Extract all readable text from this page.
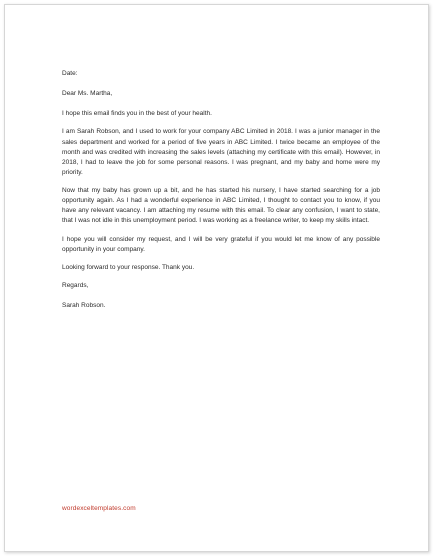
Date:
Dear Ms. Martha,

I hope this email finds you in the best of your health.

I am Sarah Robson, and I used to work for your company ABC Limited in 2018. I was a junior manager in the sales department and worked for a period of five years in ABC Limited. I twice became an employee of the month and was credited with increasing the sales levels (attaching my certificate with this email). However, in 2018, I had to leave the job for some personal reasons. I was pregnant, and my baby and home were my priority.

Now that my baby has grown up a bit, and he has started his nursery, I have started searching for a job opportunity again. As I had a wonderful experience in ABC Limited, I thought to contact you to know, if you have any relevant vacancy. I am attaching my resume with this email. To clear any confusion, I want to state, that I was not idle in this unemployment period. I was working as a freelance writer, to keep my skills intact.

I hope you will consider my request, and I will be very grateful if you would let me know of any possible opportunity in your company.

Looking forward to your response. Thank you.

Regards,
Sarah Robson.
wordexceltemplates.com
